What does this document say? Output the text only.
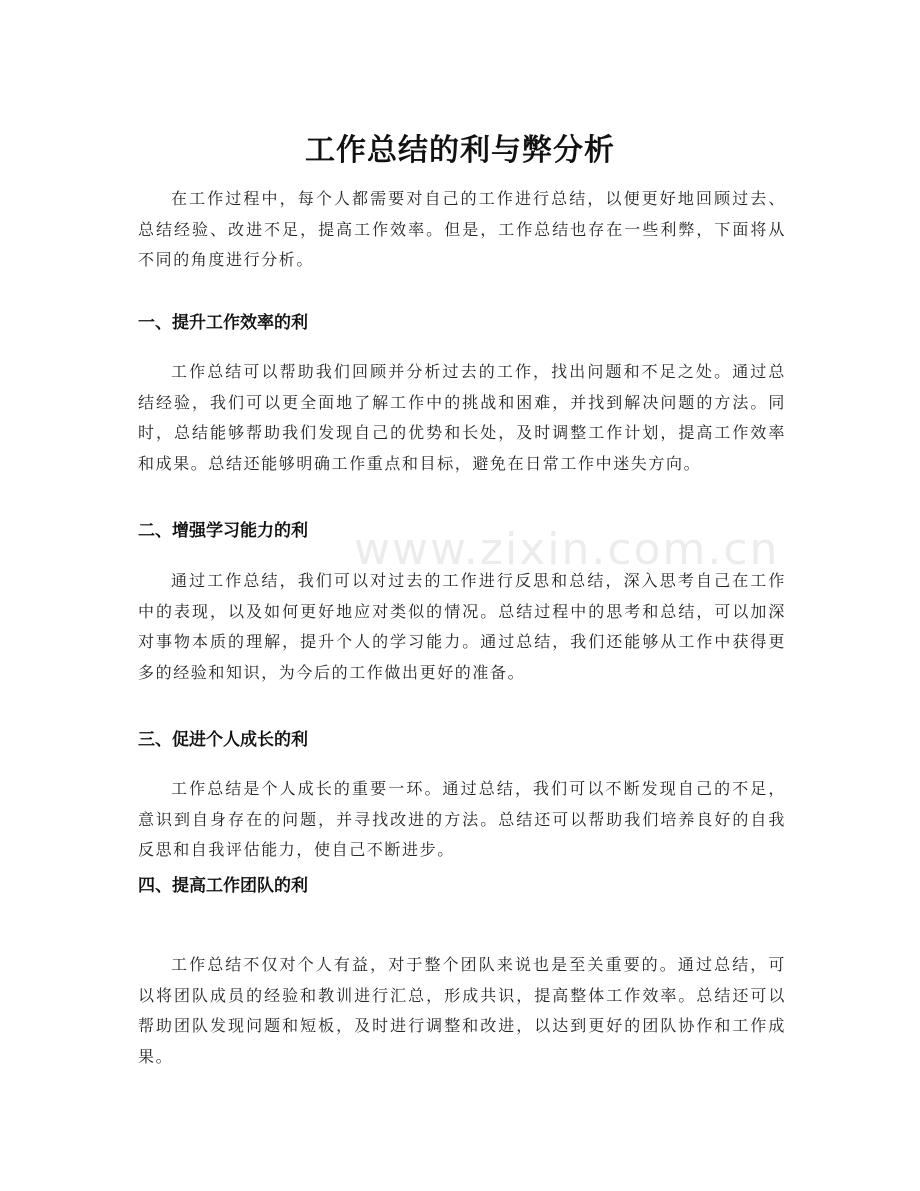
www.zixin.com.cn
工作总结的利与弊分析

在工作过程中，每个人都需要对自己的工作进行总结，以便更好地回顾过去、总结经验、改进不足，提高工作效率。但是，工作总结也存在一些利弊，下面将从不同的角度进行分析。

一、提升工作效率的利

工作总结可以帮助我们回顾并分析过去的工作，找出问题和不足之处。通过总结经验，我们可以更全面地了解工作中的挑战和困难，并找到解决问题的方法。同时，总结能够帮助我们发现自己的优势和长处，及时调整工作计划，提高工作效率和成果。总结还能够明确工作重点和目标，避免在日常工作中迷失方向。

二、增强学习能力的利

通过工作总结，我们可以对过去的工作进行反思和总结，深入思考自己在工作中的表现，以及如何更好地应对类似的情况。总结过程中的思考和总结，可以加深对事物本质的理解，提升个人的学习能力。通过总结，我们还能够从工作中获得更多的经验和知识，为今后的工作做出更好的准备。

三、促进个人成长的利

工作总结是个人成长的重要一环。通过总结，我们可以不断发现自己的不足，意识到自身存在的问题，并寻找改进的方法。总结还可以帮助我们培养良好的自我反思和自我评估能力，使自己不断进步。

四、提高工作团队的利

工作总结不仅对个人有益，对于整个团队来说也是至关重要的。通过总结，可以将团队成员的经验和教训进行汇总，形成共识，提高整体工作效率。总结还可以帮助团队发现问题和短板，及时进行调整和改进，以达到更好的团队协作和工作成果。
